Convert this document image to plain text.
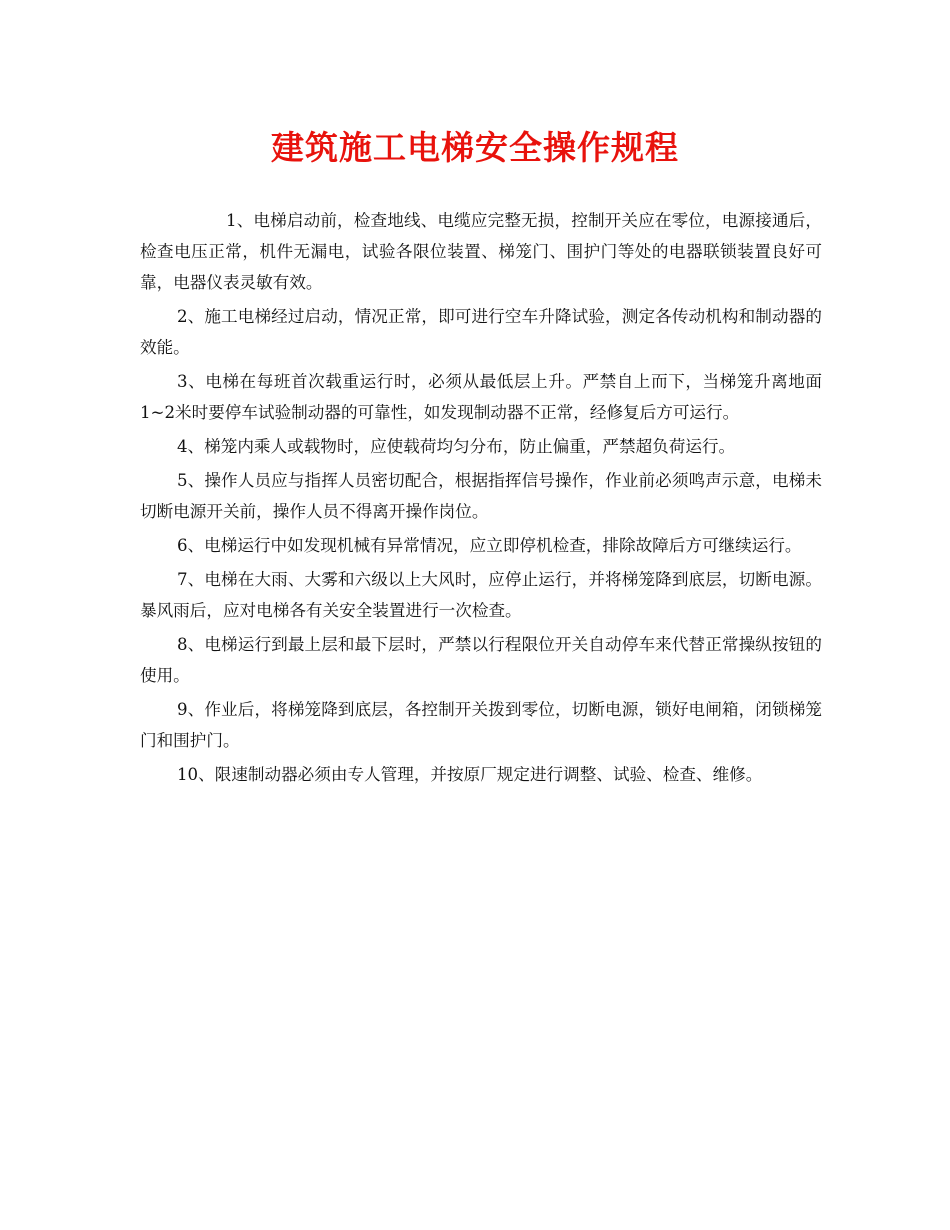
建筑施工电梯安全操作规程

1、电梯启动前，检查地线、电缆应完整无损，控制开关应在零位，电源接通后，检查电压正常，机件无漏电，试验各限位装置、梯笼门、围护门等处的电器联锁装置良好可靠，电器仪表灵敏有效。

2、施工电梯经过启动，情况正常，即可进行空车升降试验，测定各传动机构和制动器的效能。

3、电梯在每班首次载重运行时，必须从最低层上升。严禁自上而下，当梯笼升离地面1~2米时要停车试验制动器的可靠性，如发现制动器不正常，经修复后方可运行。

4、梯笼内乘人或载物时，应使载荷均匀分布，防止偏重，严禁超负荷运行。

5、操作人员应与指挥人员密切配合，根据指挥信号操作，作业前必须鸣声示意，电梯未切断电源开关前，操作人员不得离开操作岗位。

6、电梯运行中如发现机械有异常情况，应立即停机检查，排除故障后方可继续运行。

7、电梯在大雨、大雾和六级以上大风时，应停止运行，并将梯笼降到底层，切断电源。暴风雨后，应对电梯各有关安全装置进行一次检查。

8、电梯运行到最上层和最下层时，严禁以行程限位开关自动停车来代替正常操纵按钮的使用。

9、作业后，将梯笼降到底层，各控制开关拨到零位，切断电源，锁好电闸箱，闭锁梯笼门和围护门。

10、限速制动器必须由专人管理，并按原厂规定进行调整、试验、检查、维修。
